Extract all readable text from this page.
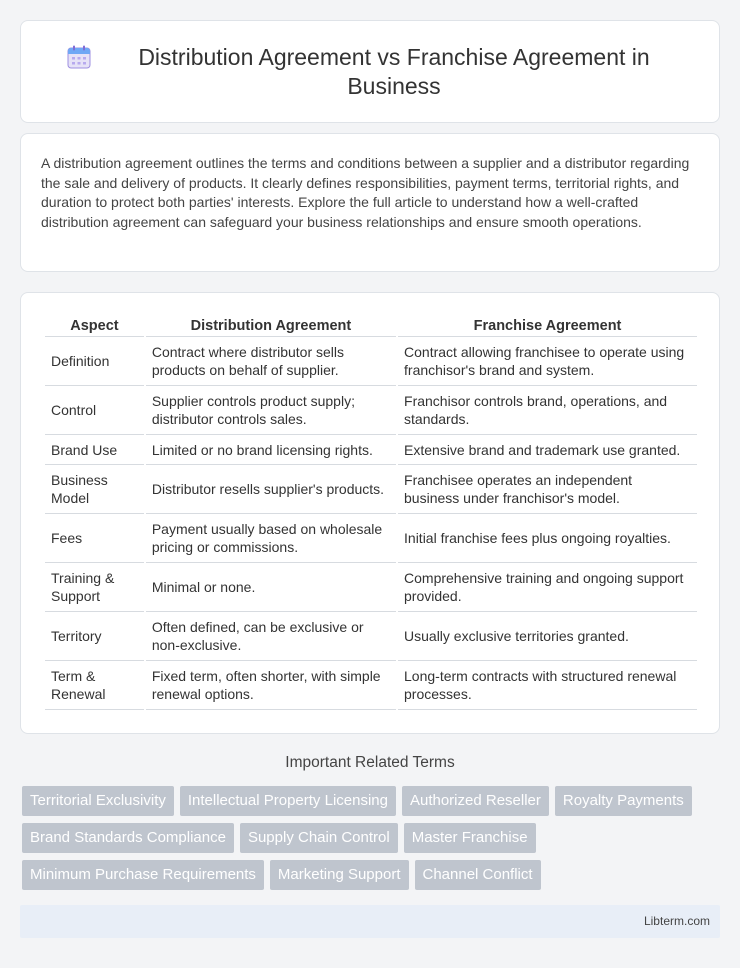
Distribution Agreement vs Franchise Agreement in Business

A distribution agreement outlines the terms and conditions between a supplier and a distributor regarding the sale and delivery of products. It clearly defines responsibilities, payment terms, territorial rights, and duration to protect both parties' interests. Explore the full article to understand how a well-crafted distribution agreement can safeguard your business relationships and ensure smooth operations.

Aspect	Distribution Agreement	Franchise Agreement
Definition	Contract where distributor sells products on behalf of supplier.	Contract allowing franchisee to operate using franchisor's brand and system.
Control	Supplier controls product supply; distributor controls sales.	Franchisor controls brand, operations, and standards.
Brand Use	Limited or no brand licensing rights.	Extensive brand and trademark use granted.
Business Model	Distributor resells supplier's products.	Franchisee operates an independent business under franchisor's model.
Fees	Payment usually based on wholesale pricing or commissions.	Initial franchise fees plus ongoing royalties.
Training & Support	Minimal or none.	Comprehensive training and ongoing support provided.
Territory	Often defined, can be exclusive or non-exclusive.	Usually exclusive territories granted.
Term & Renewal	Fixed term, often shorter, with simple renewal options.	Long-term contracts with structured renewal processes.
Important Related Terms
Territorial Exclusivity	Intellectual Property Licensing	Authorized Reseller	Royalty Payments
Brand Standards Compliance	Supply Chain Control	Master Franchise
Minimum Purchase Requirements	Marketing Support	Channel Conflict
Libterm.com
